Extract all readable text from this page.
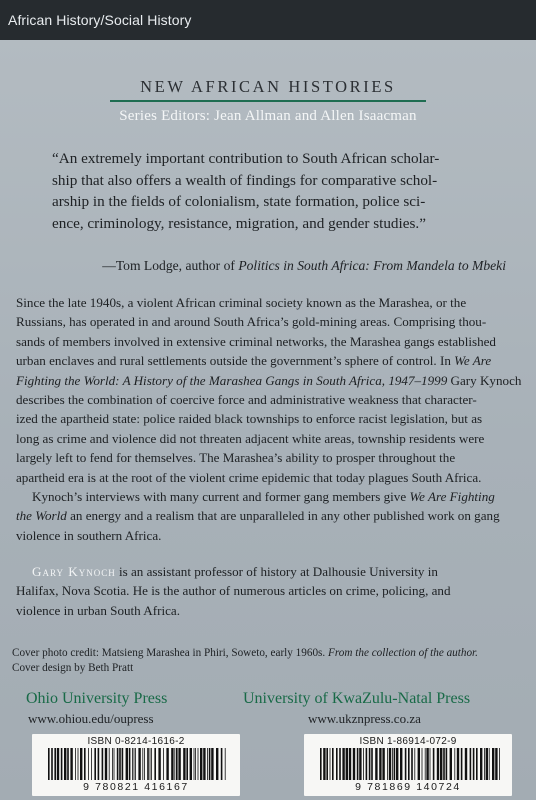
African History/Social History
NEW AFRICAN HISTORIES
Series Editors: Jean Allman and Allen Isaacman
“An extremely important contribution to South African scholar-
ship that also offers a wealth of findings for comparative schol-
arship in the fields of colonialism, state formation, police sci-
ence, criminology, resistance, migration, and gender studies.”
—Tom Lodge, author of Politics in South Africa: From Mandela to Mbeki
Since the late 1940s, a violent African criminal society known as the Marashea, or the
Russians, has operated in and around South Africa’s gold-mining areas. Comprising thou-
sands of members involved in extensive criminal networks, the Marashea gangs established
urban enclaves and rural settlements outside the government’s sphere of control. In We Are
Fighting the World: A History of the Marashea Gangs in South Africa, 1947–1999 Gary Kynoch
describes the combination of coercive force and administrative weakness that character-
ized the apartheid state: police raided black townships to enforce racist legislation, but as
long as crime and violence did not threaten adjacent white areas, township residents were
largely left to fend for themselves. The Marashea’s ability to prosper throughout the
apartheid era is at the root of the violent crime epidemic that today plagues South Africa.
Kynoch’s interviews with many current and former gang members give We Are Fighting
the World an energy and a realism that are unparalleled in any other published work on gang
violence in southern Africa.
Gary Kynoch is an assistant professor of history at Dalhousie University in
Halifax, Nova Scotia. He is the author of numerous articles on crime, policing, and
violence in urban South Africa.
Cover photo credit: Matsieng Marashea in Phiri, Soweto, early 1960s. From the collection of the author.
Cover design by Beth Pratt
Ohio University Press
www.ohiou.edu/oupress
University of KwaZulu-Natal Press
www.ukznpress.co.za
ISBN 0-8214-1616-2
9 780821 416167
ISBN 1-86914-072-9
9 781869 140724
